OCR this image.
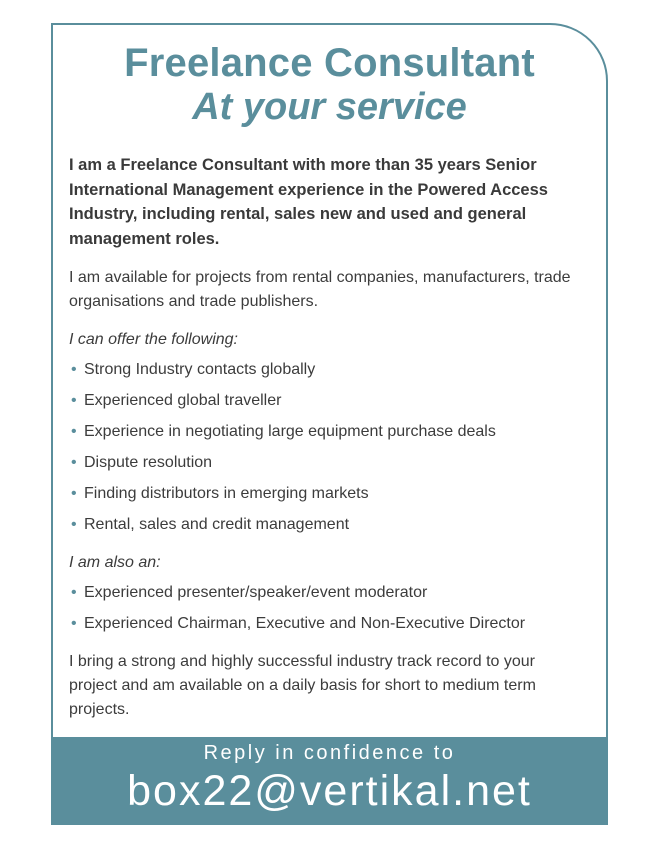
Freelance Consultant
At your service

I am a Freelance Consultant with more than 35 years Senior International Management experience in the Powered Access Industry, including rental, sales new and used and general management roles.

I am available for projects from rental companies, manufacturers, trade organisations and trade publishers.

I can offer the following:
• Strong Industry contacts globally
• Experienced global traveller
• Experience in negotiating large equipment purchase deals
• Dispute resolution
• Finding distributors in emerging markets
• Rental, sales and credit management
I am also an:
• Experienced presenter/speaker/event moderator
• Experienced Chairman, Executive and Non-Executive Director

I bring a strong and highly successful industry track record to your project and am available on a daily basis for short to medium term projects.

Reply in confidence to
box22@vertikal.net
